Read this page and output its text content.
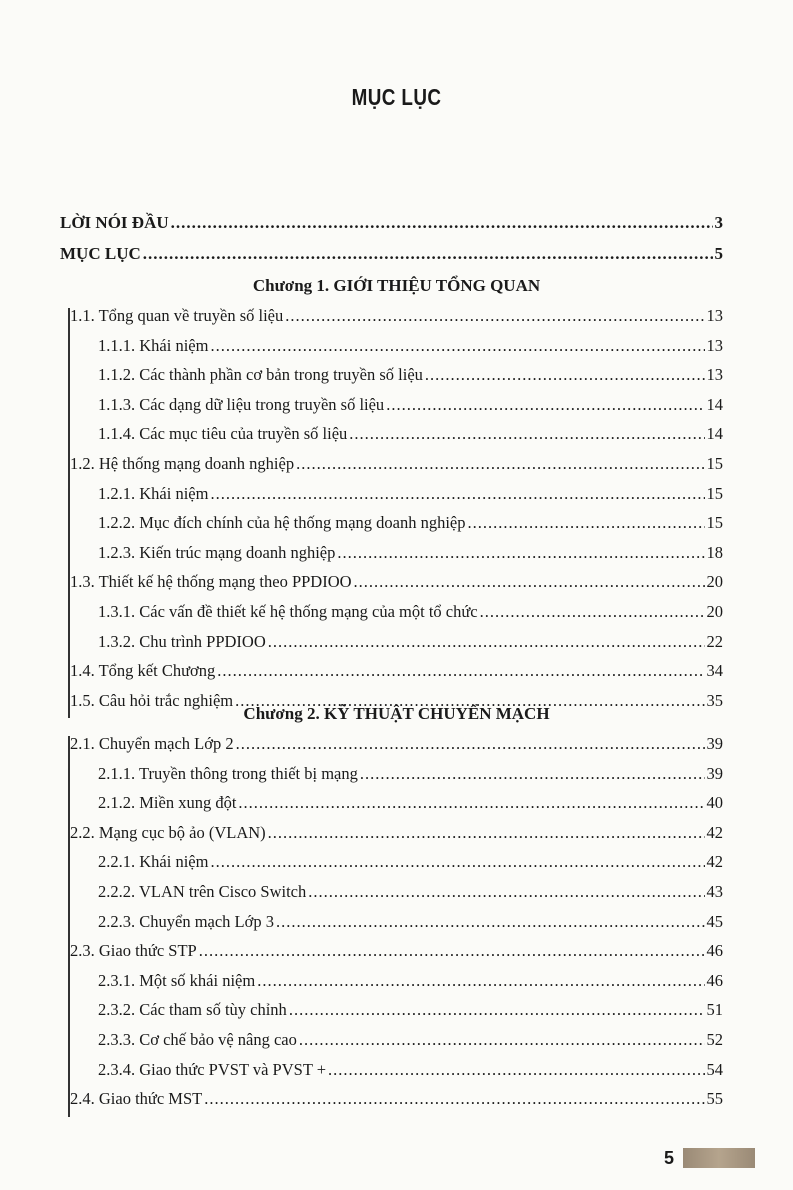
MỤC LỤC
LỜI NÓI ĐẦU .....	3
MỤC LỤC .....	5
Chương 1. GIỚI THIỆU TỔNG QUAN
1.1. Tổng quan về truyền số liệu .....	13
1.1.1. Khái niệm .....	13
1.1.2. Các thành phần cơ bản trong truyền số liệu .....	13
1.1.3. Các dạng dữ liệu trong truyền số liệu .....	14
1.1.4. Các mục tiêu của truyền số liệu .....	14
1.2. Hệ thống mạng doanh nghiệp .....	15
1.2.1. Khái niệm .....	15
1.2.2. Mục đích chính của hệ thống mạng doanh nghiệp .....	15
1.2.3. Kiến trúc mạng doanh nghiệp .....	18
1.3. Thiết kế hệ thống mạng theo PPDIOO .....	20
1.3.1. Các vấn đề thiết kế hệ thống mạng của một tổ chức .....	20
1.3.2. Chu trình PPDIOO .....	22
1.4. Tổng kết Chương .....	34
1.5. Câu hỏi trắc nghiệm .....	35
Chương 2. KỸ THUẬT CHUYỂN MẠCH
2.1. Chuyển mạch Lớp 2 .....	39
2.1.1. Truyền thông trong thiết bị mạng .....	39
2.1.2. Miền xung đột .....	40
2.2. Mạng cục bộ ảo (VLAN) .....	42
2.2.1. Khái niệm .....	42
2.2.2. VLAN trên Cisco Switch .....	43
2.2.3. Chuyển mạch Lớp 3 .....	45
2.3. Giao thức STP .....	46
2.3.1. Một số khái niệm .....	46
2.3.2. Các tham số tùy chỉnh .....	51
2.3.3. Cơ chế bảo vệ nâng cao .....	52
2.3.4. Giao thức PVST và PVST + .....	54
2.4. Giao thức MST .....	55
5
